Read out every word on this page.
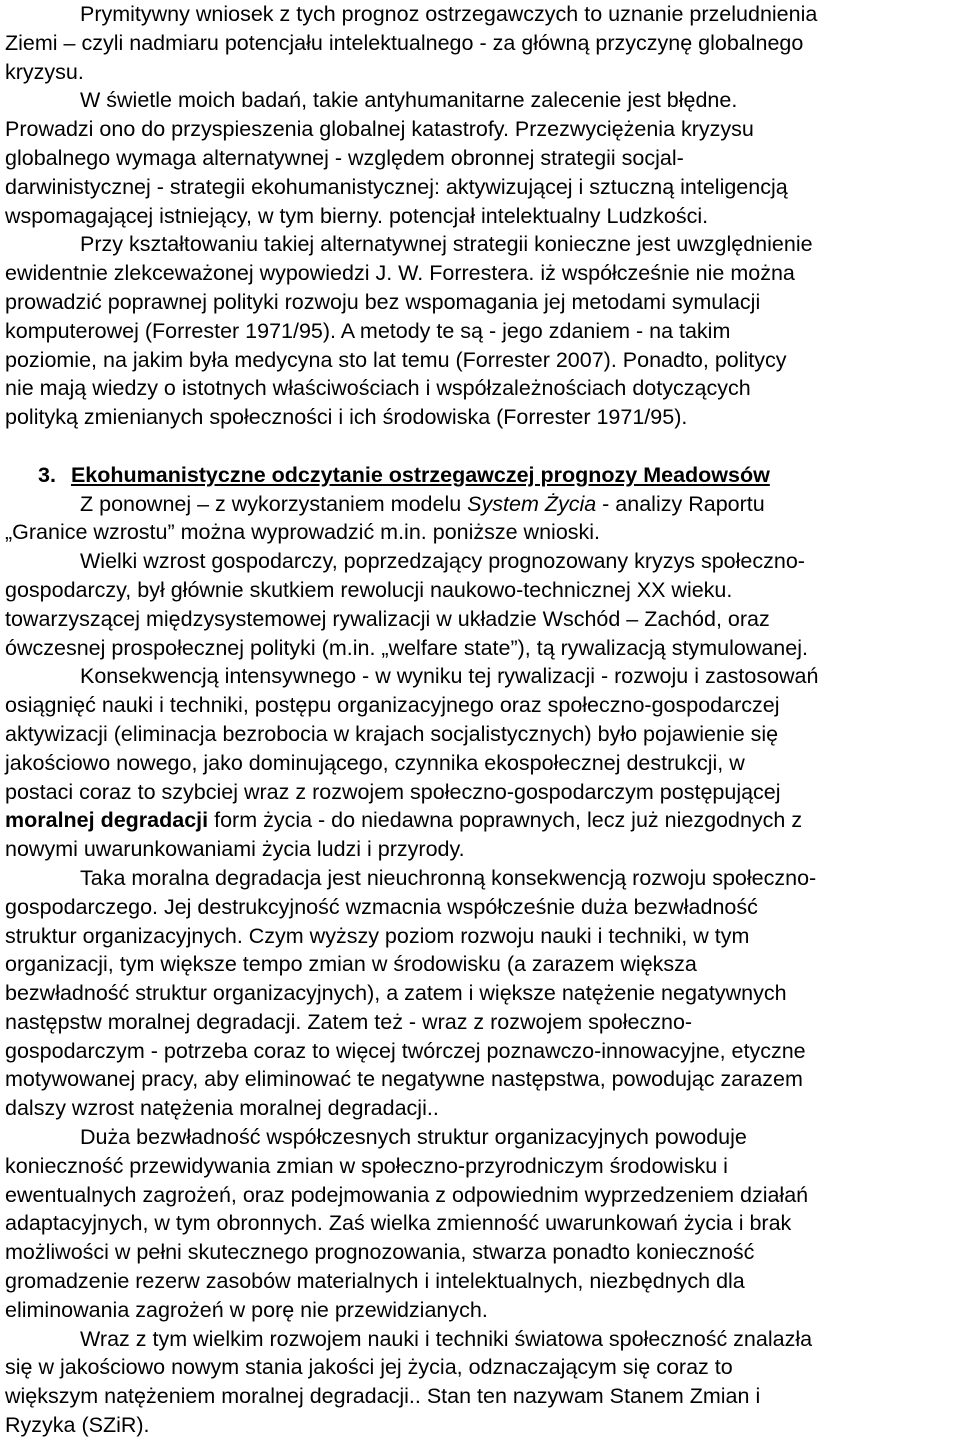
Prymitywny wniosek z tych prognoz ostrzegawczych to uznanie przeludnienia
Ziemi – czyli nadmiaru potencjału intelektualnego - za główną przyczynę globalnego
kryzysu.
W świetle moich badań, takie antyhumanitarne zalecenie jest błędne.
Prowadzi ono do przyspieszenia globalnej katastrofy. Przezwyciężenia kryzysu
globalnego wymaga alternatywnej - względem obronnej strategii socjal-
darwinistycznej - strategii ekohumanistycznej: aktywizującej i sztuczną inteligencją
wspomagającej istniejący, w tym bierny. potencjał intelektualny Ludzkości.
Przy kształtowaniu takiej alternatywnej strategii konieczne jest uwzględnienie
ewidentnie zlekceważonej wypowiedzi J. W. Forrestera. iż współcześnie nie można
prowadzić poprawnej polityki rozwoju bez wspomagania jej metodami symulacji
komputerowej (Forrester 1971/95). A metody te są - jego zdaniem - na takim
poziomie, na jakim była medycyna sto lat temu (Forrester 2007). Ponadto, politycy
nie mają wiedzy o istotnych właściwościach i współzależnościach dotyczących
polityką zmienianych społeczności i ich środowiska (Forrester 1971/95).
3. Ekohumanistyczne odczytanie ostrzegawczej prognozy Meadowsów
Z ponownej – z wykorzystaniem modelu System Życia - analizy Raportu
„Granice wzrostu” można wyprowadzić m.in. poniższe wnioski.
Wielki wzrost gospodarczy, poprzedzający prognozowany kryzys społeczno-
gospodarczy, był głównie skutkiem rewolucji naukowo-technicznej XX wieku.
towarzyszącej międzysystemowej rywalizacji w układzie Wschód – Zachód, oraz
ówczesnej prospołecznej polityki (m.in. „welfare state”), tą rywalizacją stymulowanej.
Konsekwencją intensywnego - w wyniku tej rywalizacji - rozwoju i zastosowań
osiągnięć nauki i techniki, postępu organizacyjnego oraz społeczno-gospodarczej
aktywizacji (eliminacja bezrobocia w krajach socjalistycznych) było pojawienie się
jakościowo nowego, jako dominującego, czynnika ekospołecznej destrukcji, w
postaci coraz to szybciej wraz z rozwojem społeczno-gospodarczym postępującej
moralnej degradacji form życia - do niedawna poprawnych, lecz już niezgodnych z
nowymi uwarunkowaniami życia ludzi i przyrody.
Taka moralna degradacja jest nieuchronną konsekwencją rozwoju społeczno-
gospodarczego. Jej destrukcyjność wzmacnia współcześnie duża bezwładność
struktur organizacyjnych. Czym wyższy poziom rozwoju nauki i techniki, w tym
organizacji, tym większe tempo zmian w środowisku (a zarazem większa
bezwładność struktur organizacyjnych), a zatem i większe natężenie negatywnych
następstw moralnej degradacji. Zatem też - wraz z rozwojem społeczno-
gospodarczym - potrzeba coraz to więcej twórczej poznawczo-innowacyjne, etyczne
motywowanej pracy, aby eliminować te negatywne następstwa, powodując zarazem
dalszy wzrost natężenia moralnej degradacji..
Duża bezwładność współczesnych struktur organizacyjnych powoduje
konieczność przewidywania zmian w społeczno-przyrodniczym środowisku i
ewentualnych zagrożeń, oraz podejmowania z odpowiednim wyprzedzeniem działań
adaptacyjnych, w tym obronnych. Zaś wielka zmienność uwarunkowań życia i brak
możliwości w pełni skutecznego prognozowania, stwarza ponadto konieczność
gromadzenie rezerw zasobów materialnych i intelektualnych, niezbędnych dla
eliminowania zagrożeń w porę nie przewidzianych.
Wraz z tym wielkim rozwojem nauki i techniki światowa społeczność znalazła
się w jakościowo nowym stania jakości jej życia, odznaczającym się coraz to
większym natężeniem moralnej degradacji.. Stan ten nazywam Stanem Zmian i
Ryzyka (SZiR).
